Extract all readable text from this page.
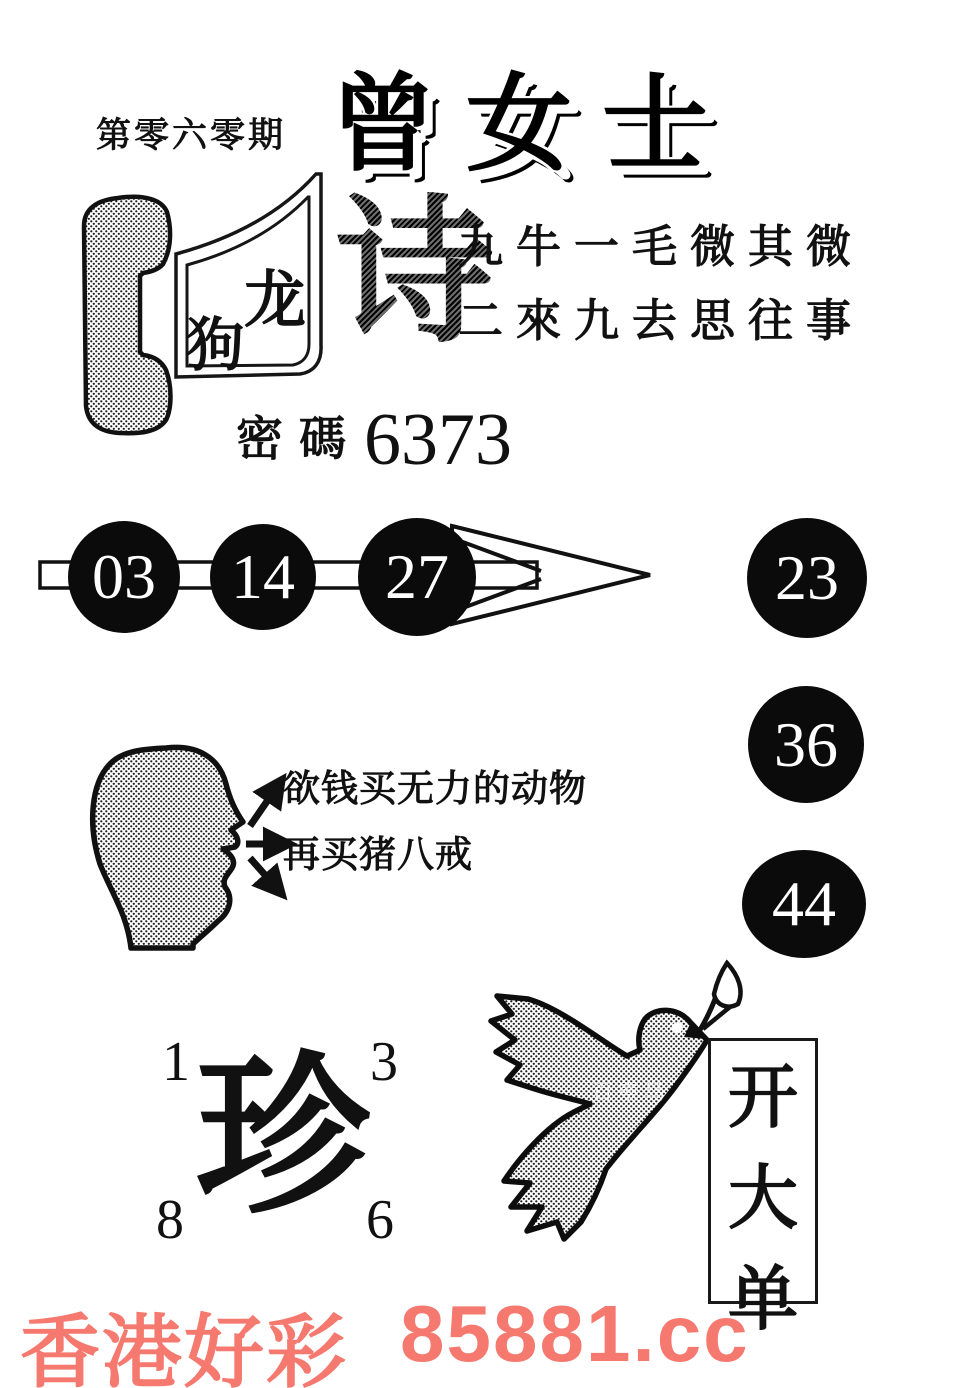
第零六零期 曾女士
龙
狗 诗
九牛一毛微其微
二來九去思往事
密碼 6373
03	14	27	23
36
44
欲钱买无力的动物
再买猪八戒
1	3
8	6
珍	百靈鸟 开
大
单
香港好彩 85881.cc
